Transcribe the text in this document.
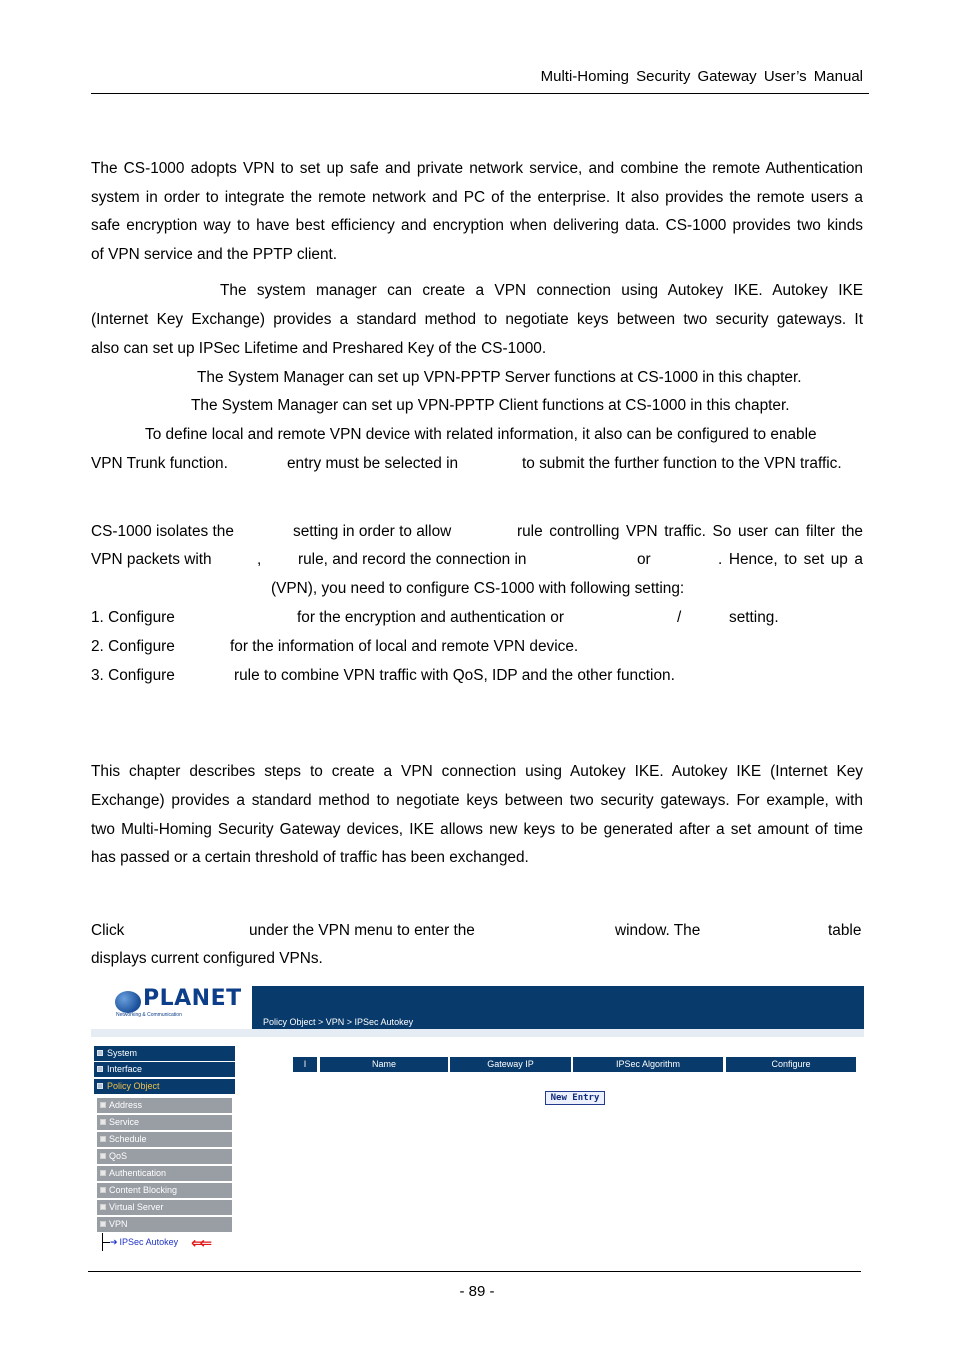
Multi-Homing Security Gateway User’s Manual
The CS-1000 adopts VPN to set up safe and private network service, and combine the remote Authentication
system in order to integrate the remote network and PC of the enterprise. It also provides the remote users a
safe encryption way to have best efficiency and encryption when delivering data. CS-1000 provides two kinds
of VPN service and the PPTP client.
The system manager can create a VPN connection using Autokey IKE. Autokey IKE
(Internet Key Exchange) provides a standard method to negotiate keys between two security gateways. It
also can set up IPSec Lifetime and Preshared Key of the CS-1000.
The System Manager can set up VPN-PPTP Server functions at CS-1000 in this chapter.
The System Manager can set up VPN-PPTP Client functions at CS-1000 in this chapter.
To define local and remote VPN device with related information, it also can be configured to enable
VPN Trunk function.	entry must be selected in	to submit the further function to the VPN traffic.
CS-1000 isolates the	setting in order to allow	rule controlling VPN traffic. So user can filter the
VPN packets with	, rule, and record the connection in	or	. Hence, to set up a
(VPN), you need to configure CS-1000 with following setting:
1. Configure	for the encryption and authentication or	/	setting.
2. Configure	for the information of local and remote VPN device.
3. Configure	rule to combine VPN traffic with QoS, IDP and the other function.
This chapter describes steps to create a VPN connection using Autokey IKE. Autokey IKE (Internet Key
Exchange) provides a standard method to negotiate keys between two security gateways. For example, with
two Multi-Homing Security Gateway devices, IKE allows new keys to be generated after a set amount of time
has passed or a certain threshold of traffic has been exchanged.
Click	under the VPN menu to enter the	window. The	table
displays current configured VPNs.
PLANET
Networking & Communication
Policy Object > VPN > IPSec Autokey
System
Interface
Policy Object
Address
Service
Schedule
QoS
Authentication
Content Blocking
Virtual Server
VPN
➔ IPSec Autokey ⇐⇐
I	Name	Gateway IP	IPSec Algorithm	Configure
New Entry
- 89 -
